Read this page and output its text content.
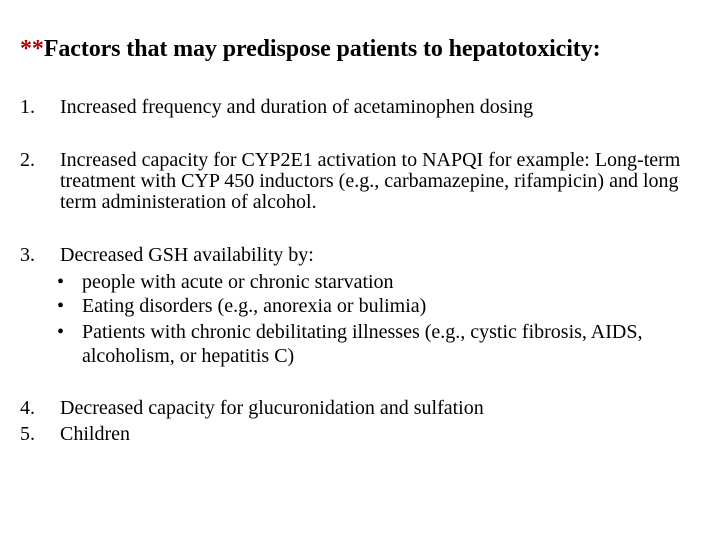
**Factors that may predispose patients to hepatotoxicity:
1.	Increased frequency and duration of acetaminophen dosing
2.	Increased capacity for CYP2E1 activation to NAPQI for example: Long-term treatment with CYP 450 inductors (e.g., carbamazepine, rifampicin) and long term administeration of alcohol.
3.	Decreased GSH availability by:
• people with acute or chronic starvation
• Eating disorders (e.g., anorexia or bulimia)
• Patients with chronic debilitating illnesses (e.g., cystic fibrosis, AIDS, alcoholism, or hepatitis C)
4.	Decreased capacity for glucuronidation and sulfation
5.	Children
